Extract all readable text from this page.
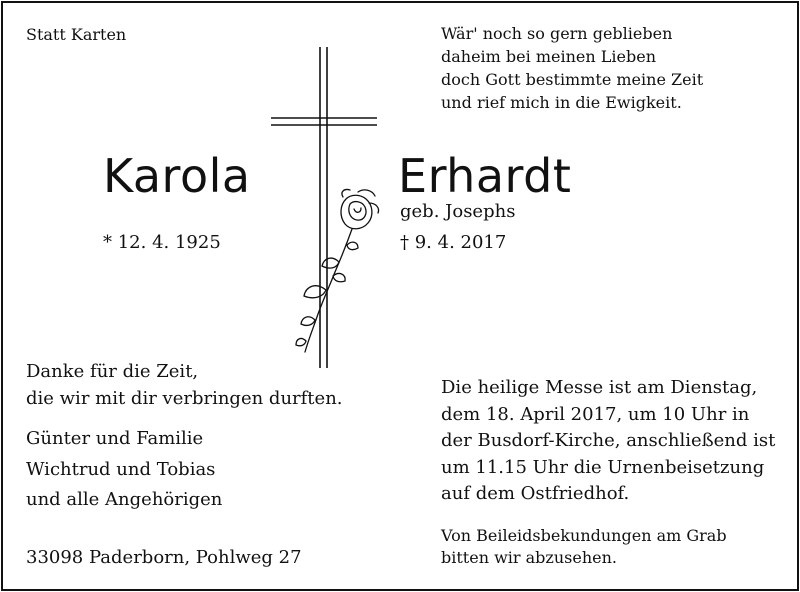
Statt Karten	Wär' noch so gern geblieben
daheim bei meinen Lieben
doch Gott bestimmte meine Zeit
und rief mich in die Ewigkeit.
Karola	Erhardt
geb. Josephs
* 12. 4. 1925	† 9. 4. 2017
Danke für die Zeit,
die wir mit dir verbringen durften.
Günter und Familie
Wichtrud und Tobias
und alle Angehörigen
33098 Paderborn, Pohlweg 27
Die heilige Messe ist am Dienstag,
dem 18. April 2017, um 10 Uhr in
der Busdorf-Kirche, anschließend ist
um 11.15 Uhr die Urnenbeisetzung
auf dem Ostfriedhof.
Von Beileidsbekundungen am Grab
bitten wir abzusehen.
